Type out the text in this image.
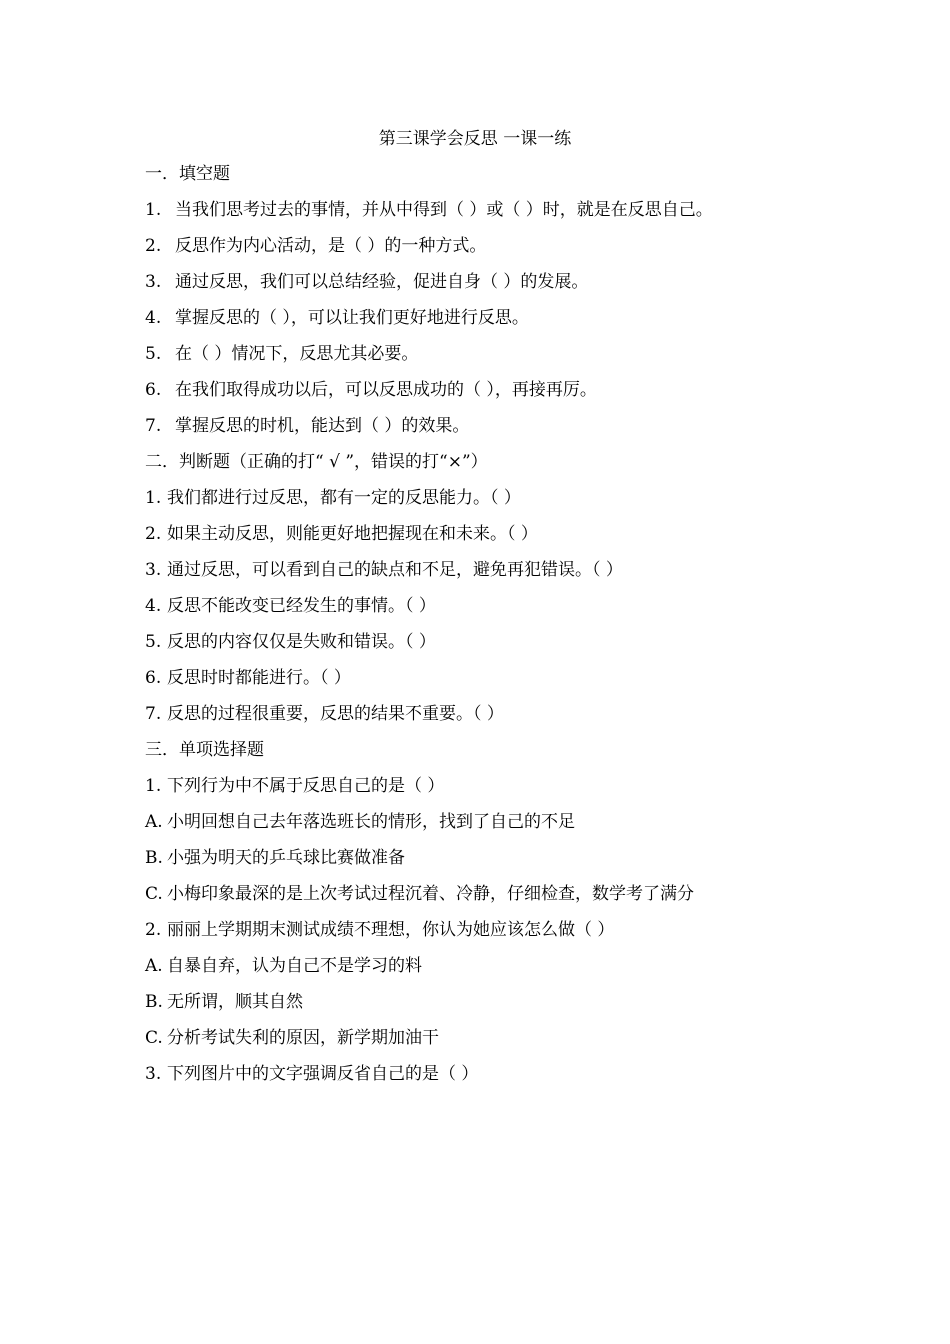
第三课学会反思 一课一练
一．填空题
1. 当我们思考过去的事情，并从中得到（ ）或（ ）时，就是在反思自己。
2. 反思作为内心活动，是（ ）的一种方式。
3. 通过反思，我们可以总结经验，促进自身（ ）的发展。
4. 掌握反思的（ ），可以让我们更好地进行反思。
5. 在（ ）情况下，反思尤其必要。
6. 在我们取得成功以后，可以反思成功的（ ），再接再厉。
7. 掌握反思的时机，能达到（ ）的效果。
二．判断题（正确的打“ √ ”，错误的打“×”）
1. 我们都进行过反思，都有一定的反思能力。（ ）
2. 如果主动反思，则能更好地把握现在和未来。（ ）
3. 通过反思，可以看到自己的缺点和不足，避免再犯错误。（ ）
4. 反思不能改变已经发生的事情。（ ）
5. 反思的内容仅仅是失败和错误。（ ）
6. 反思时时都能进行。（ ）
7. 反思的过程很重要，反思的结果不重要。（ ）
三．单项选择题
1. 下列行为中不属于反思自己的是（ ）
A. 小明回想自己去年落选班长的情形，找到了自己的不足
B. 小强为明天的乒乓球比赛做准备
C. 小梅印象最深的是上次考试过程沉着、冷静，仔细检查，数学考了满分
2. 丽丽上学期期末测试成绩不理想，你认为她应该怎么做（ ）
A. 自暴自弃，认为自己不是学习的料
B. 无所谓，顺其自然
C. 分析考试失利的原因，新学期加油干
3. 下列图片中的文字强调反省自己的是（ ）
